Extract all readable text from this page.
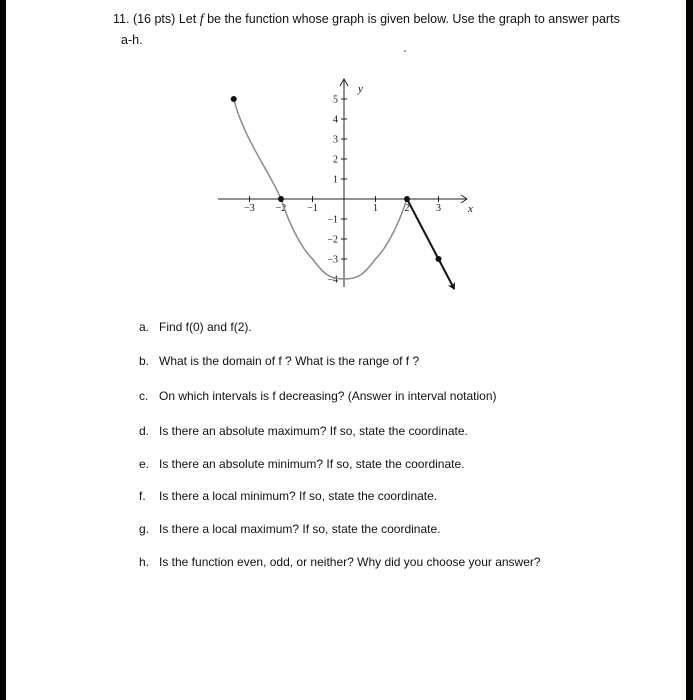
11. (16 pts) Let f be the function whose graph is given below. Use the graph to answer parts
a-h.
x
y
−3 −2 −1	1	2	3
5
4
3
2
1
−1
−2
−3
−4
a. Find f(0) and f(2).
b. What is the domain of f ? What is the range of f ?
c. On which intervals is f decreasing? (Answer in interval notation)
d. Is there an absolute maximum? If so, state the coordinate.
e. Is there an absolute minimum? If so, state the coordinate.
f. Is there a local minimum? If so, state the coordinate.
g. Is there a local maximum? If so, state the coordinate.
h. Is the function even, odd, or neither? Why did you choose your answer?
